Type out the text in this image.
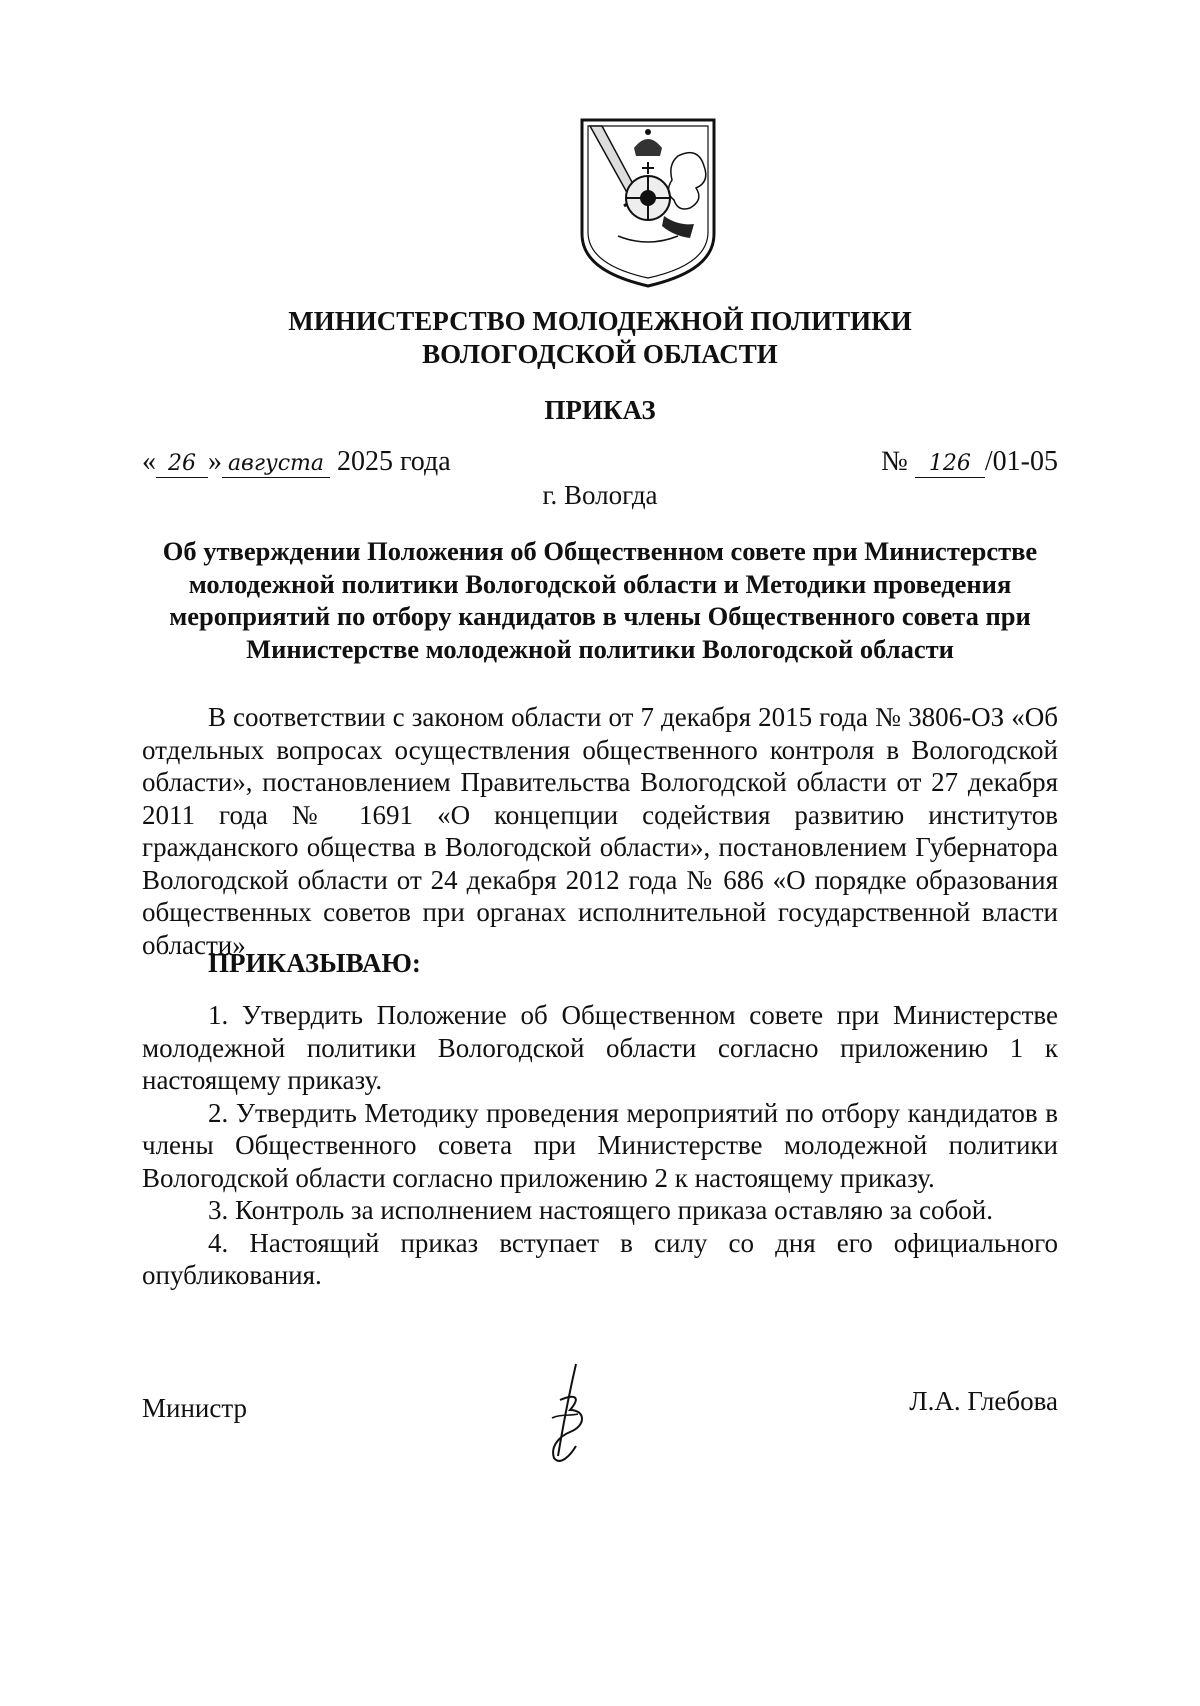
МИНИСТЕРСТВО МОЛОДЕЖНОЙ ПОЛИТИКИ
ВОЛОГОДСКОЙ ОБЛАСТИ
ПРИКАЗ
« 26 » августа 2025 года	№ 126 /01-05
г. Вологда
Об утверждении Положения об Общественном совете при Министерстве
молодежной политики Вологодской области и Методики проведения
мероприятий по отбору кандидатов в члены Общественного совета при
Министерстве молодежной политики Вологодской области

В соответствии с законом области от 7 декабря 2015 года № 3806-ОЗ «Об отдельных вопросах осуществления общественного контроля в Вологодской области», постановлением Правительства Вологодской области от 27 декабря 2011 года № 1691 «О концепции содействия развитию институтов гражданского общества в Вологодской области», постановлением Губернатора Вологодской области от 24 декабря 2012 года № 686 «О порядке образования общественных советов при органах исполнительной государственной власти области»

ПРИКАЗЫВАЮ:

1. Утвердить Положение об Общественном совете при Министерстве молодежной политики Вологодской области согласно приложению 1 к настоящему приказу.

2. Утвердить Методику проведения мероприятий по отбору кандидатов в члены Общественного совета при Министерстве молодежной политики Вологодской области согласно приложению 2 к настоящему приказу.

3. Контроль за исполнением настоящего приказа оставляю за собой.

4. Настоящий приказ вступает в силу со дня его официального опубликования.

Министр	Л.А. Глебова
